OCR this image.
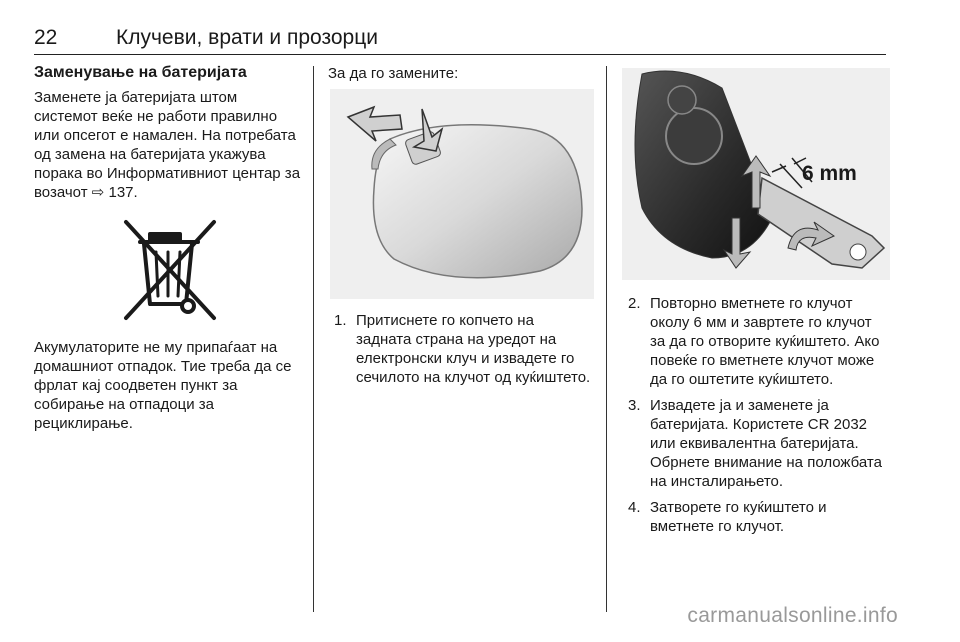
22	Клучеви, врати и прозорци
Заменување на батеријата

Заменете ја батеријата штом системот веќе не работи правилно или опсегот е намален. На потребата од замена на батеријата укажува порака во Информативниот центар за возачот ⇨ 137.

Акумулаторите не му припаѓаат на домашниот отпадок. Тие треба да се фрлат кај соодветен пункт за собирање на отпадоци за рециклирање.

За да го замените:

1. Притиснете го копчето на задната страна на уредот на електронски клуч и извадете го сечилото на клучот од куќиштето.
6 mm
2. Повторно вметнете го клучот околу 6 мм и завртете го клучот за да го отворите куќиштето. Ако повеќе го вметнете клучот може да го оштетите куќиштето.
3. Извадете ја и заменете ја батеријата. Користете CR 2032 или еквивалентна батеријата. Обрнете внимание на положбата на инсталирањето.
4. Затворете го куќиштето и вметнете го клучот.
carmanualsonline.info
